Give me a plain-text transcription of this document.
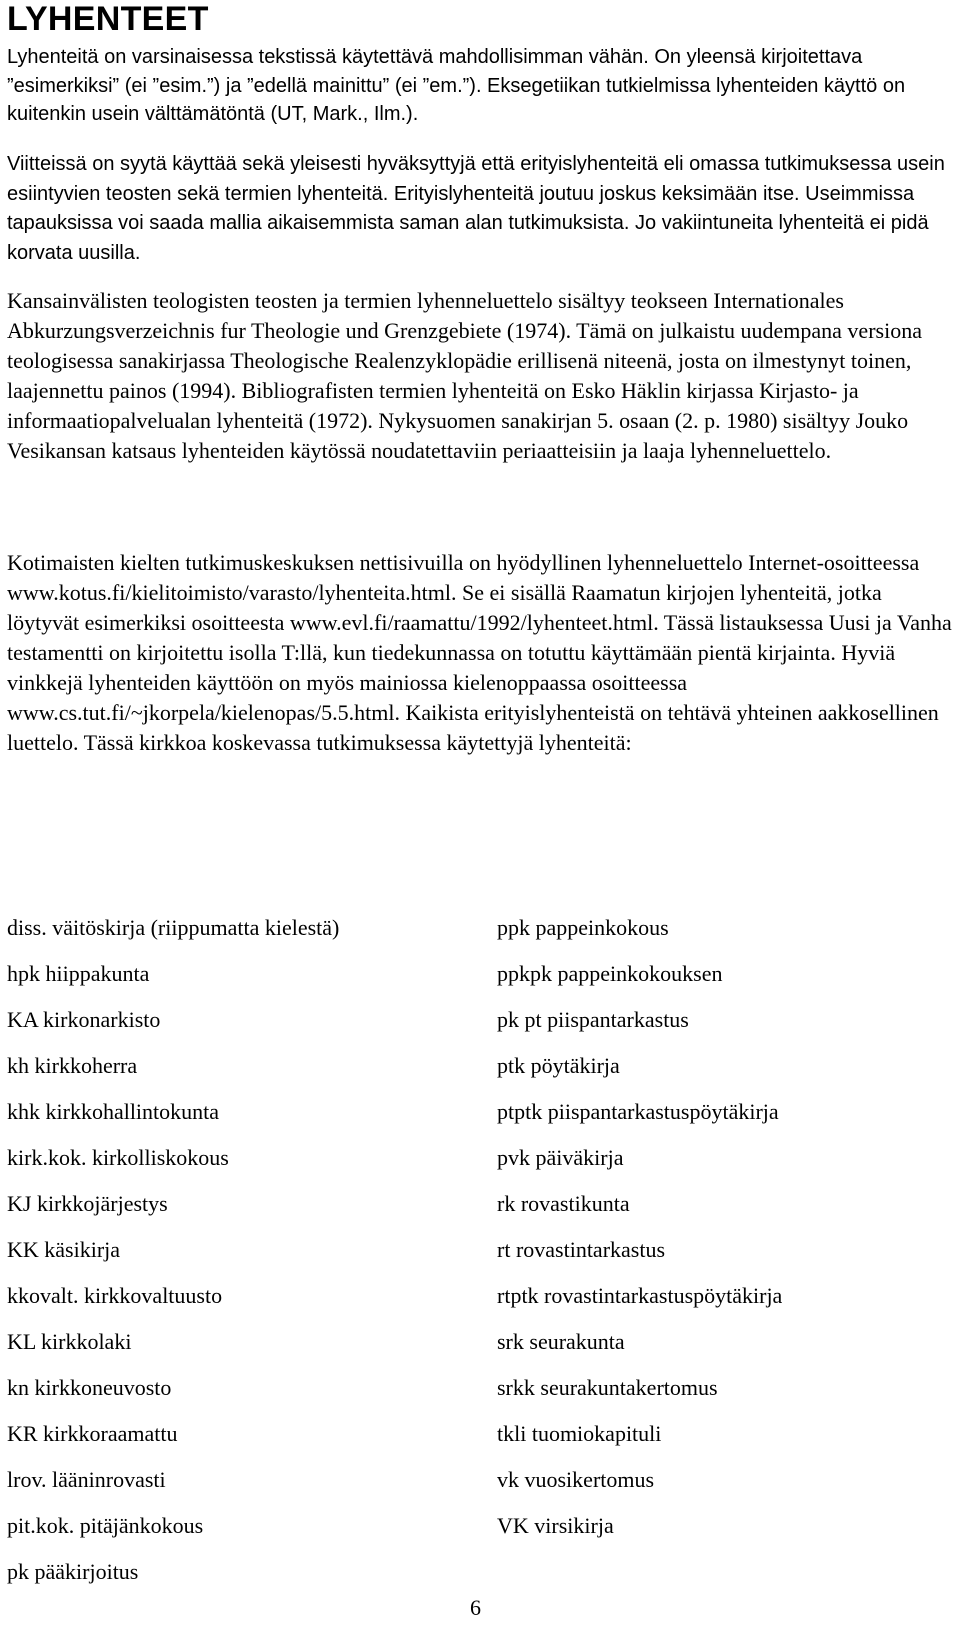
LYHENTEET

Lyhenteitä on varsinaisessa tekstissä käytettävä mahdollisimman vähän. On yleensä kirjoitettava ”esimerkiksi” (ei ”esim.”) ja ”edellä mainittu” (ei ”em.”). Eksegetiikan tutkielmissa lyhenteiden käyttö on kuitenkin usein välttämätöntä (UT, Mark., Ilm.).

Viitteissä on syytä käyttää sekä yleisesti hyväksyttyjä että erityislyhenteitä eli omassa tutkimuksessa usein esiintyvien teosten sekä termien lyhenteitä. Erityislyhenteitä joutuu joskus keksimään itse. Useimmissa tapauksissa voi saada mallia aikaisemmista saman alan tutkimuksista. Jo vakiintuneita lyhenteitä ei pidä korvata uusilla.

Kansainvälisten teologisten teosten ja termien lyhenneluettelo sisältyy teokseen Internationales Abkurzungsverzeichnis fur Theologie und Grenzgebiete (1974). Tämä on julkaistu uudempana versiona teologisessa sanakirjassa Theologische Realenzyklopädie erillisenä niteenä, josta on ilmestynyt toinen, laajennettu painos (1994). Bibliografisten termien lyhenteitä on Esko Häklin kirjassa Kirjasto- ja informaatiopalvelualan lyhenteitä (1972). Nykysuomen sanakirjan 5. osaan (2. p. 1980) sisältyy Jouko Vesikansan katsaus lyhenteiden käytössä noudatettaviin periaatteisiin ja laaja lyhenneluettelo.

Kotimaisten kielten tutkimuskeskuksen nettisivuilla on hyödyllinen lyhenneluettelo Internet-osoitteessa www.kotus.fi/kielitoimisto/varasto/lyhenteita.html. Se ei sisällä Raamatun kirjojen lyhenteitä, jotka löytyvät esimerkiksi osoitteesta www.evl.fi/raamattu/1992/lyhenteet.html. Tässä listauksessa Uusi ja Vanha testamentti on kirjoitettu isolla T:llä, kun tiedekunnassa on totuttu käyttämään pientä kirjainta. Hyviä vinkkejä lyhenteiden käyttöön on myös mainiossa kielenoppaassa osoitteessa www.cs.tut.fi/~jkorpela/kielenopas/5.5.html. Kaikista erityislyhenteistä on tehtävä yhteinen aakkosellinen luettelo. Tässä kirkkoa koskevassa tutkimuksessa käytettyjä lyhenteitä:

diss. väitöskirja (riippumatta kielestä)
hpk hiippakunta
KA kirkonarkisto
kh kirkkoherra
khk kirkkohallintokunta
kirk.kok. kirkolliskokous
KJ kirkkojärjestys
KK käsikirja
kkovalt. kirkkovaltuusto
KL kirkkolaki
kn kirkkoneuvosto
KR kirkkoraamattu
lrov. lääninrovasti
pit.kok. pitäjänkokous
pk pääkirjoitus
ppk pappeinkokous
ppkpk pappeinkokouksen
pk pt piispantarkastus
ptk pöytäkirja
ptptk piispantarkastuspöytäkirja
pvk päiväkirja
rk rovastikunta
rt rovastintarkastus
rtptk rovastintarkastuspöytäkirja
srk seurakunta
srkk seurakuntakertomus
tkli tuomiokapituli
vk vuosikertomus
VK virsikirja
6
